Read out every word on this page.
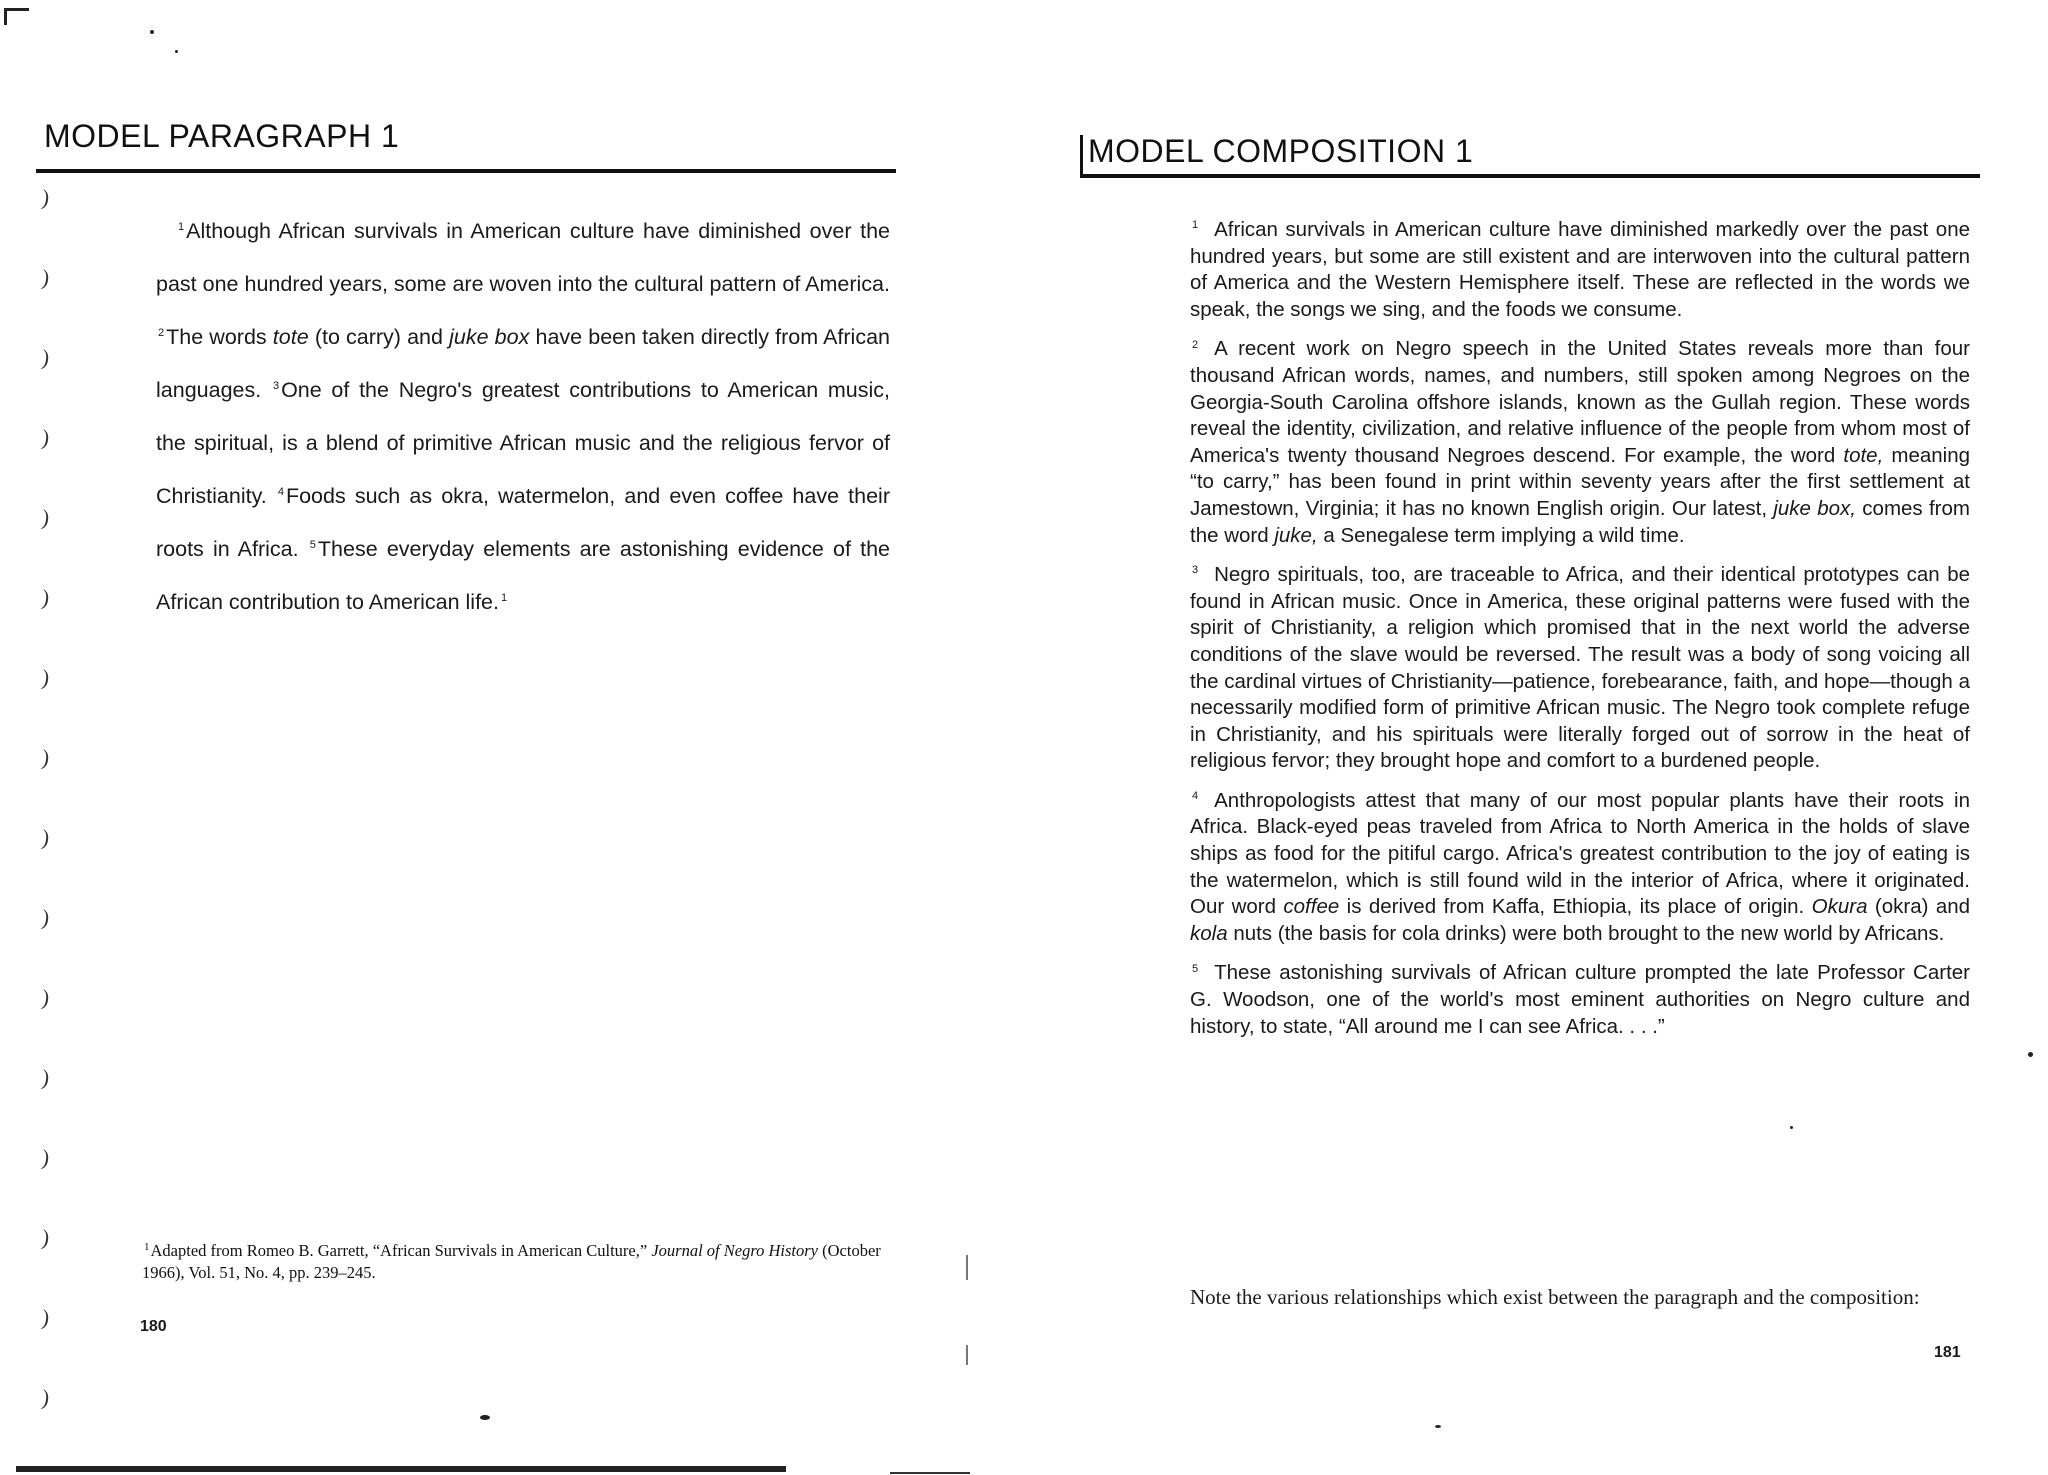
MODEL PARAGRAPH 1

$^1$Although African survivals in American culture have diminished over the past one hundred years, some are woven into the cultural pattern of America. $^2$The words tote (to carry) and juke box have been taken directly from African languages. $^3$One of the Negro's greatest contributions to American music, the spiritual, is a blend of primitive African music and the religious fervor of Christianity. $^4$Foods such as okra, watermelon, and even coffee have their roots in Africa. $^5$These everyday elements are astonishing evidence of the African contribution to American life. $^1$

$^1$Adapted from Romeo B. Garrett, “African Survivals in American Culture,” Journal of Negro History (October 1966), Vol. 51, No. 4, pp. 239–245.
180
)
)
)
)
)
)
)
)
)
)
)
)
)
)
)
)
MODEL COMPOSITION 1

$^1$ African survivals in American culture have diminished markedly over the past one hundred years, but some are still existent and are interwoven into the cultural pattern of America and the Western Hemisphere itself. These are reflected in the words we speak, the songs we sing, and the foods we consume.

$^2$ A recent work on Negro speech in the United States reveals more than four thousand African words, names, and numbers, still spoken among Negroes on the Georgia-South Carolina offshore islands, known as the Gullah region. These words reveal the identity, civilization, and relative influence of the people from whom most of America's twenty thousand Negroes descend. For example, the word tote, meaning “to carry,” has been found in print within seventy years after the first settlement at Jamestown, Virginia; it has no known English origin. Our latest, juke box, comes from the word juke, a Senegalese term implying a wild time.

$^3$ Negro spirituals, too, are traceable to Africa, and their identical prototypes can be found in African music. Once in America, these original patterns were fused with the spirit of Christianity, a religion which promised that in the next world the adverse conditions of the slave would be reversed. The result was a body of song voicing all the cardinal virtues of Christianity—patience, forebearance, faith, and hope—though a necessarily modified form of primitive African music. The Negro took complete refuge in Christianity, and his spirituals were literally forged out of sorrow in the heat of religious fervor; they brought hope and comfort to a burdened people.

$^4$ Anthropologists attest that many of our most popular plants have their roots in Africa. Black-eyed peas traveled from Africa to North America in the holds of slave ships as food for the pitiful cargo. Africa's greatest contribution to the joy of eating is the watermelon, which is still found wild in the interior of Africa, where it originated. Our word coffee is derived from Kaffa, Ethiopia, its place of origin. Okura (okra) and kola nuts (the basis for cola drinks) were both brought to the new world by Africans.

$^5$ These astonishing survivals of African culture prompted the late Professor Carter G. Woodson, one of the world's most eminent authorities on Negro culture and history, to state, “All around me I can see Africa. . . .”

Note the various relationships which exist between the paragraph and the composition:
181
